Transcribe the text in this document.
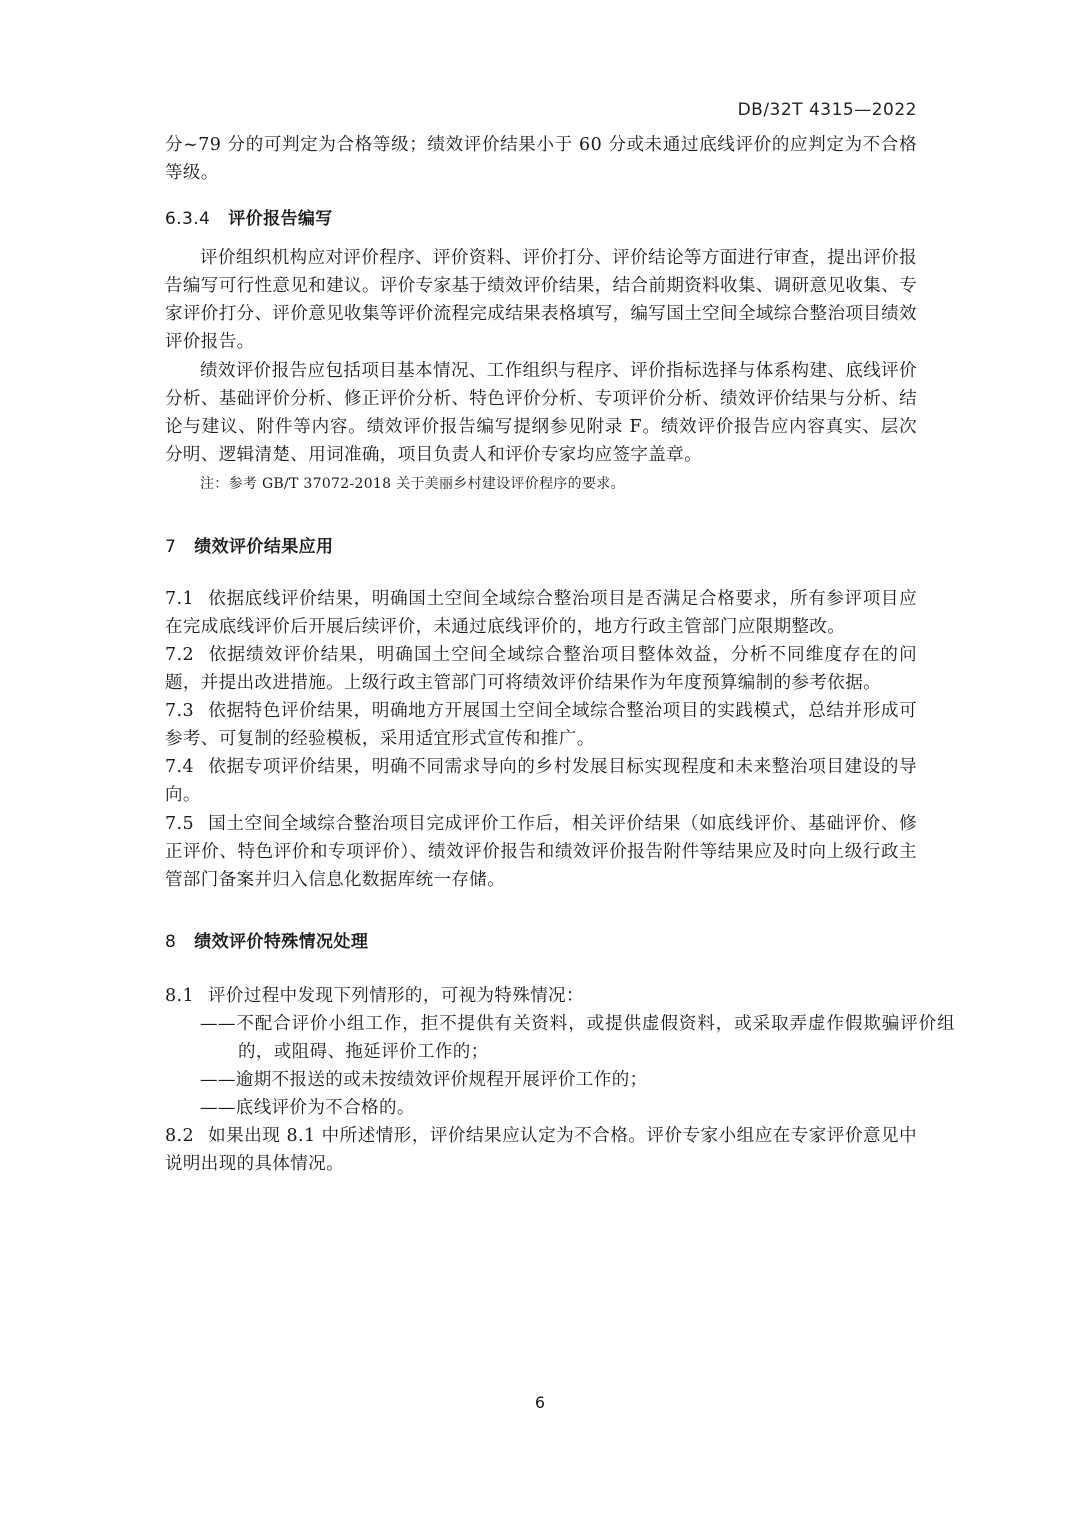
DB/32T 4315—2022
分~79 分的可判定为合格等级；绩效评价结果小于 60 分或未通过底线评价的应判定为不合格等级。
6.3.4 评价报告编写
评价组织机构应对评价程序、评价资料、评价打分、评价结论等方面进行审查，提出评价报告编写可行性意见和建议。评价专家基于绩效评价结果，结合前期资料收集、调研意见收集、专家评价打分、评价意见收集等评价流程完成结果表格填写，编写国土空间全域综合整治项目绩效评价报告。
绩效评价报告应包括项目基本情况、工作组织与程序、评价指标选择与体系构建、底线评价分析、基础评价分析、修正评价分析、特色评价分析、专项评价分析、绩效评价结果与分析、结论与建议、附件等内容。绩效评价报告编写提纲参见附录 F。绩效评价报告应内容真实、层次分明、逻辑清楚、用词准确，项目负责人和评价专家均应签字盖章。
注：参考 GB/T 37072-2018 关于美丽乡村建设评价程序的要求。
7 绩效评价结果应用
7.1 依据底线评价结果，明确国土空间全域综合整治项目是否满足合格要求，所有参评项目应在完成底线评价后开展后续评价，未通过底线评价的，地方行政主管部门应限期整改。
7.2 依据绩效评价结果，明确国土空间全域综合整治项目整体效益，分析不同维度存在的问题，并提出改进措施。上级行政主管部门可将绩效评价结果作为年度预算编制的参考依据。
7.3 依据特色评价结果，明确地方开展国土空间全域综合整治项目的实践模式，总结并形成可参考、可复制的经验模板，采用适宜形式宣传和推广。
7.4 依据专项评价结果，明确不同需求导向的乡村发展目标实现程度和未来整治项目建设的导向。
7.5 国土空间全域综合整治项目完成评价工作后，相关评价结果（如底线评价、基础评价、修正评价、特色评价和专项评价）、绩效评价报告和绩效评价报告附件等结果应及时向上级行政主管部门备案并归入信息化数据库统一存储。
8 绩效评价特殊情况处理
8.1 评价过程中发现下列情形的，可视为特殊情况：
——不配合评价小组工作，拒不提供有关资料，或提供虚假资料，或采取弄虚作假欺骗评价组的，或阻碍、拖延评价工作的；
——逾期不报送的或未按绩效评价规程开展评价工作的；
——底线评价为不合格的。
8.2 如果出现 8.1 中所述情形，评价结果应认定为不合格。评价专家小组应在专家评价意见中说明出现的具体情况。
6
